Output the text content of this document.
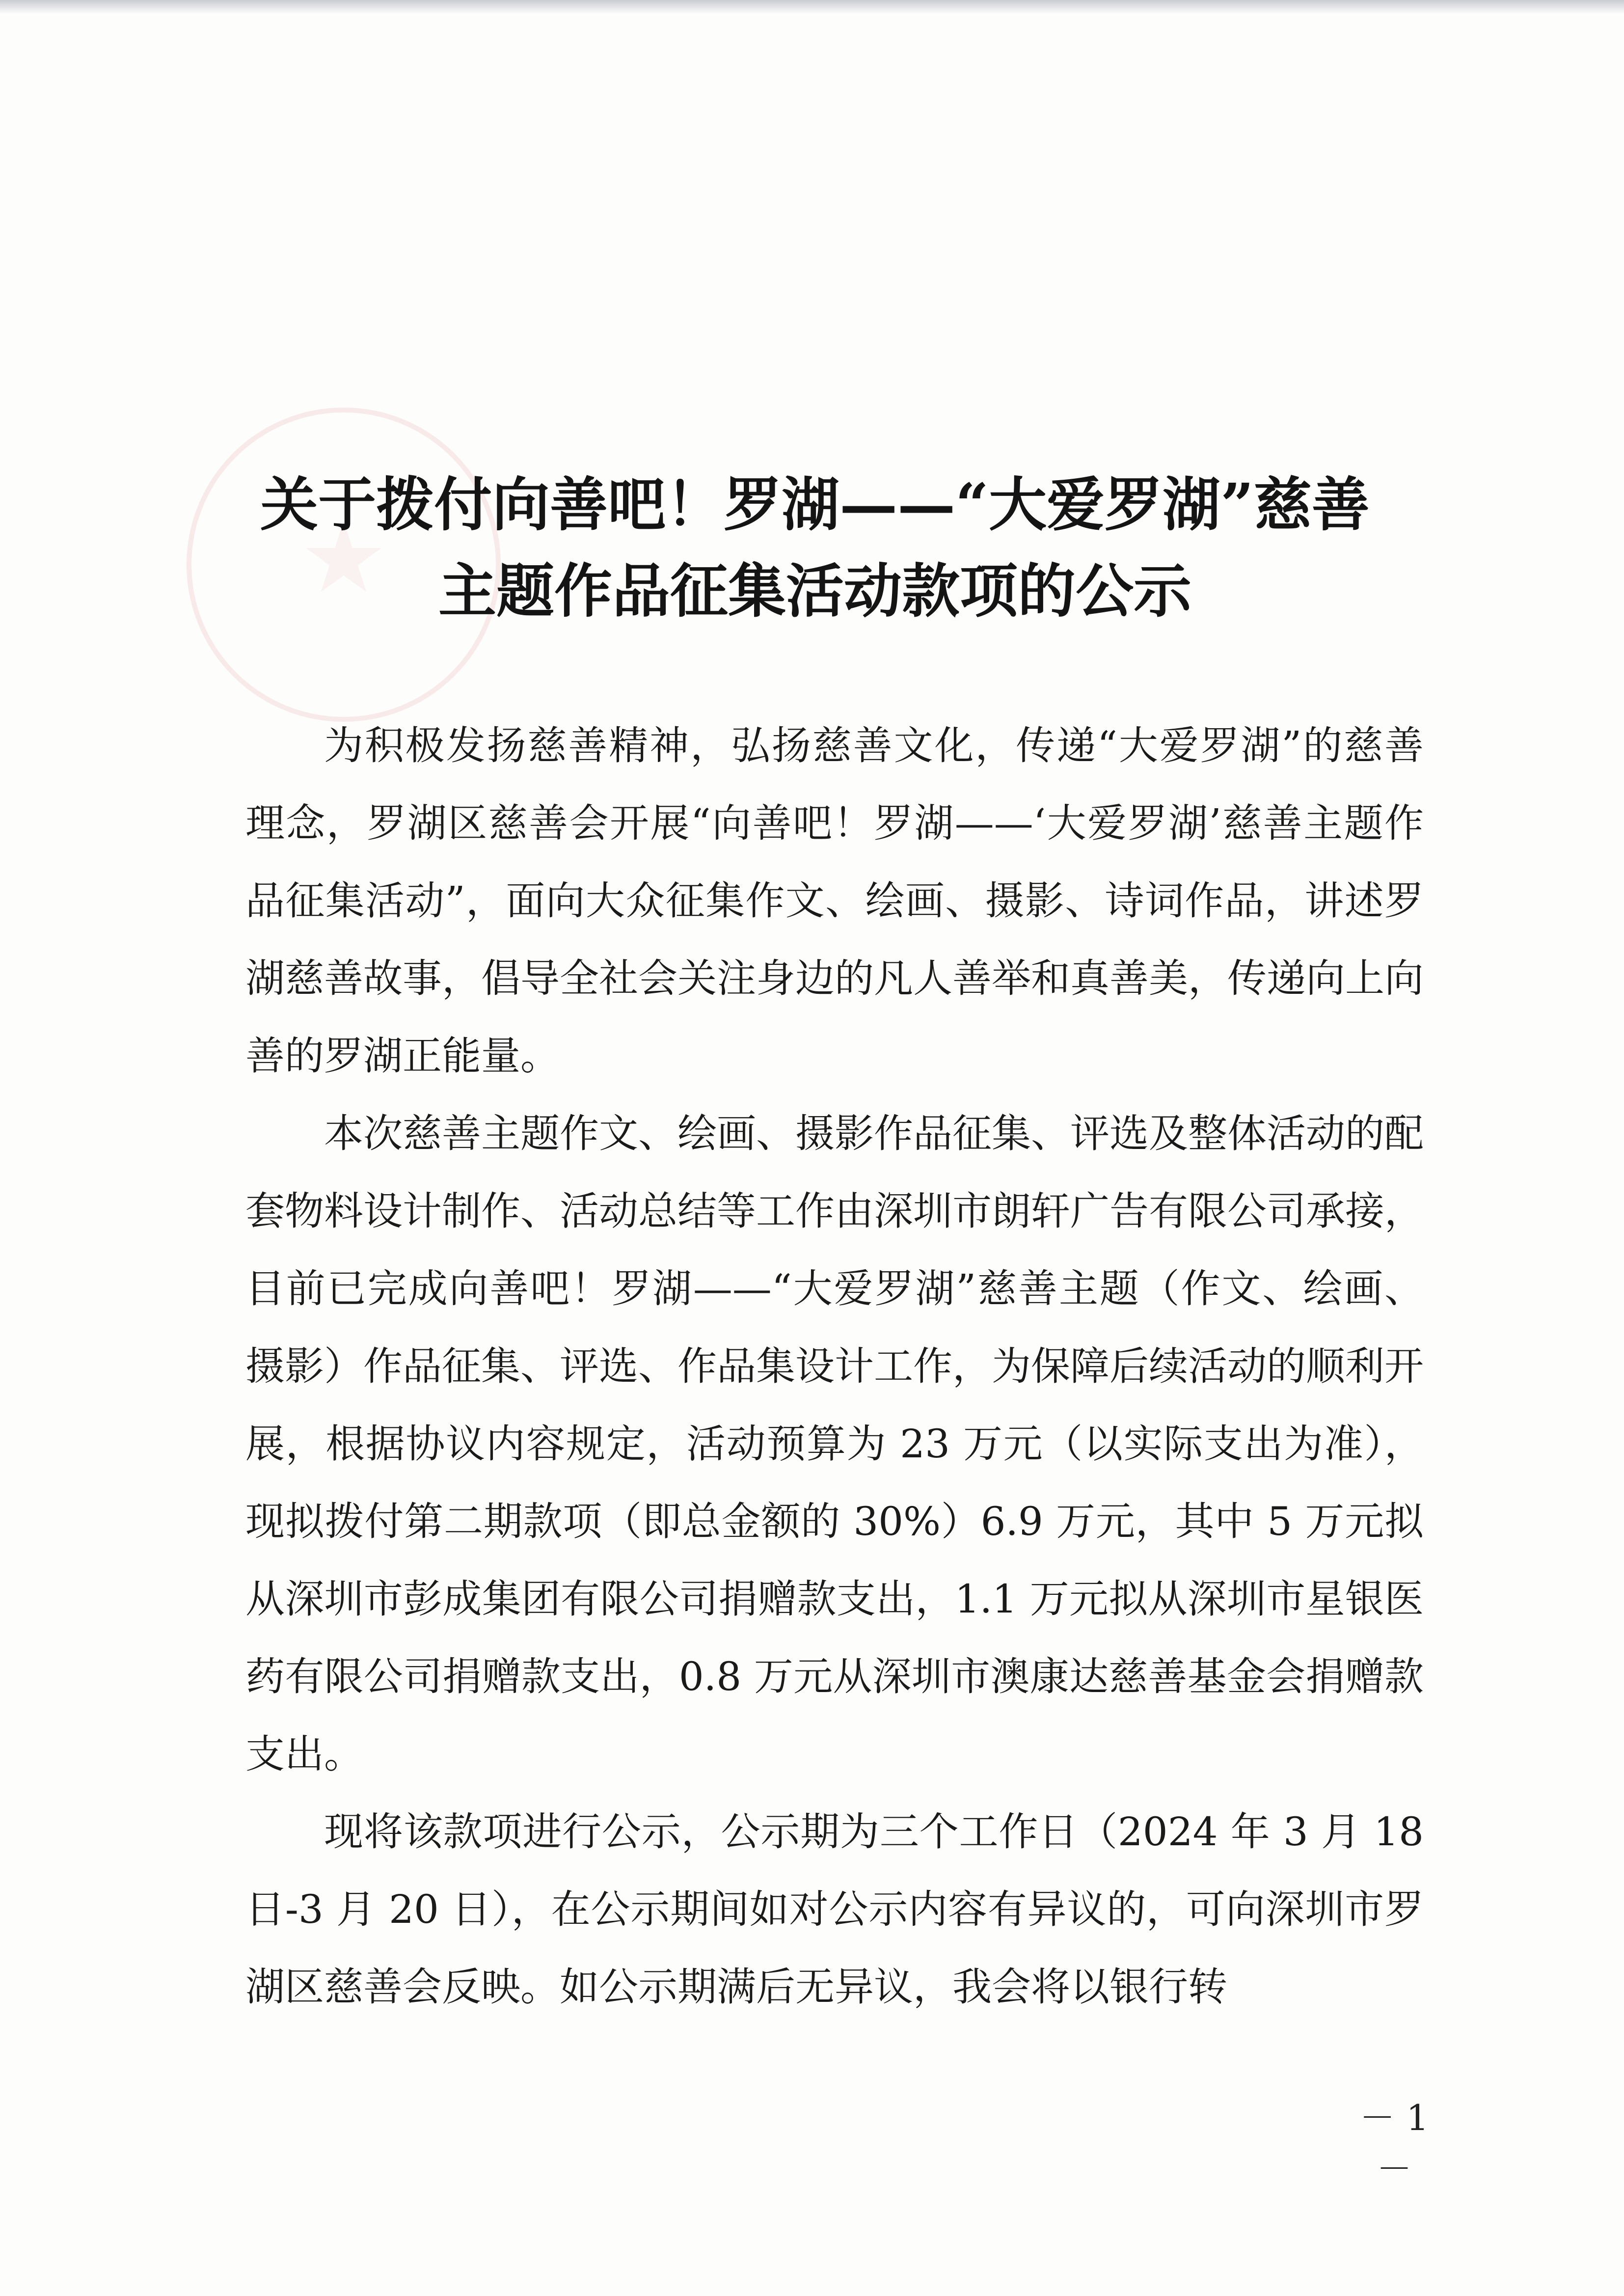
关于拨付向善吧！罗湖——“大爱罗湖”慈善
主题作品征集活动款项的公示

为积极发扬慈善精神，弘扬慈善文化，传递“大爱罗湖”的慈善理念，罗湖区慈善会开展“向善吧！罗湖——‘大爱罗湖’慈善主题作品征集活动”，面向大众征集作文、绘画、摄影、诗词作品，讲述罗湖慈善故事，倡导全社会关注身边的凡人善举和真善美，传递向上向善的罗湖正能量。

本次慈善主题作文、绘画、摄影作品征集、评选及整体活动的配套物料设计制作、活动总结等工作由深圳市朗轩广告有限公司承接，目前已完成向善吧！罗湖——“大爱罗湖”慈善主题（作文、绘画、摄影）作品征集、评选、作品集设计工作，为保障后续活动的顺利开展，根据协议内容规定，活动预算为 23 万元（以实际支出为准），现拟拨付第二期款项（即总金额的 30%）6.9 万元，其中 5 万元拟从深圳市彭成集团有限公司捐赠款支出，1.1 万元拟从深圳市星银医药有限公司捐赠款支出，0.8 万元从深圳市澳康达慈善基金会捐赠款支出。

现将该款项进行公示，公示期为三个工作日（2024 年 3 月 18 日-3 月 20 日），在公示期间如对公示内容有异议的，可向深圳市罗湖区慈善会反映。如公示期满后无异议，我会将以银行转

－ 1 －
